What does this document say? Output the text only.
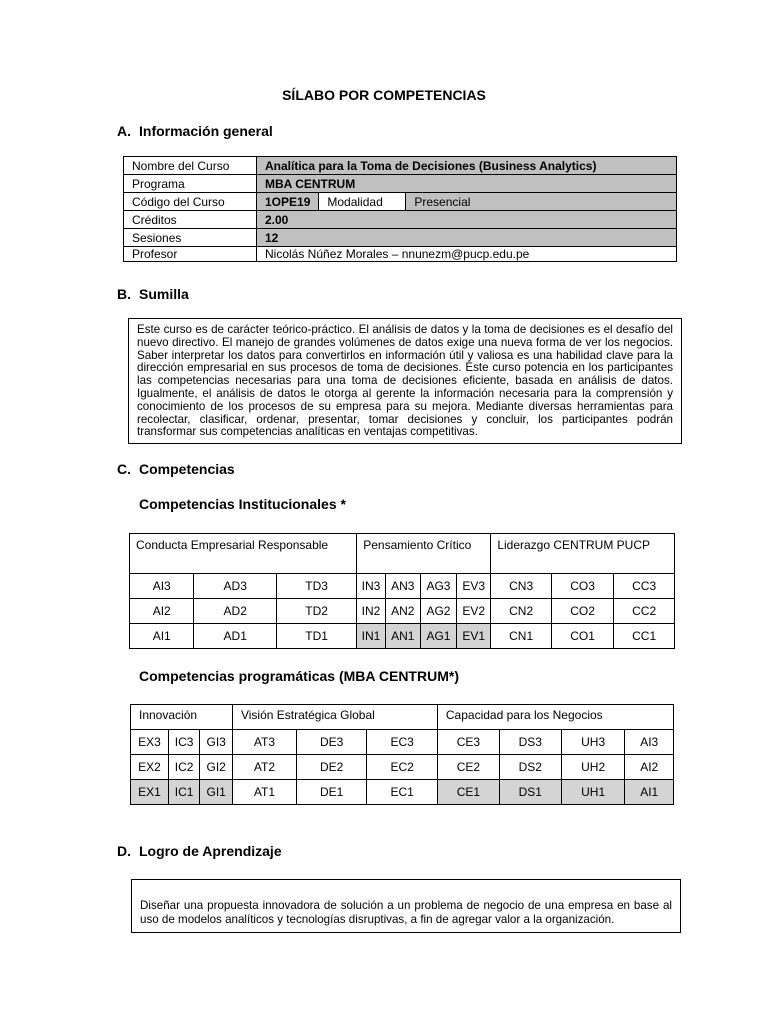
SÍLABO POR COMPETENCIAS
A. Información general
Nombre del Curso	Analítica para la Toma de Decisiones (Business Analytics)		
Programa	MBA CENTRUM		
Código del Curso	1OPE19	Modalidad	Presencial
Créditos	2.00		
Sesiones	12		
Profesor	Nicolás Núñez Morales – nnunezm@pucp.edu.pe		
B. Sumilla
Este curso es de carácter teórico-práctico. El análisis de datos y la toma de decisiones es el desafío del nuevo directivo. El manejo de grandes volúmenes de datos exige una nueva forma de ver los negocios. Saber interpretar los datos para convertirlos en información útil y valiosa es una habilidad clave para la dirección empresarial en sus procesos de toma de decisiones. Este curso potencia en los participantes las competencias necesarias para una toma de decisiones eficiente, basada en análisis de datos. Igualmente, el análisis de datos le otorga al gerente la información necesaria para la comprensión y conocimiento de los procesos de su empresa para su mejora. Mediante diversas herramientas para recolectar, clasificar, ordenar, presentar, tomar decisiones y concluir, los participantes podrán transformar sus competencias analíticas en ventajas competitivas.
C. Competencias
Competencias Institucionales *
Conducta Empresarial Responsable			Pensamiento Crítico				Liderazgo CENTRUM PUCP		
AI3	AD3	TD3	IN3	AN3	AG3	EV3	CN3	CO3	CC3
AI2	AD2	TD2	IN2	AN2	AG2	EV2	CN2	CO2	CC2
AI1	AD1	TD1	IN1	AN1	AG1	EV1	CN1	CO1	CC1
Competencias programáticas (MBA CENTRUM*)
Innovación			Visión Estratégica Global			Capacidad para los Negocios			
EX3	IC3	GI3	AT3	DE3	EC3	CE3	DS3	UH3	AI3
EX2	IC2	GI2	AT2	DE2	EC2	CE2	DS2	UH2	AI2
EX1	IC1	GI1	AT1	DE1	EC1	CE1	DS1	UH1	AI1
D. Logro de Aprendizaje
Diseñar una propuesta innovadora de solución a un problema de negocio de una empresa en base al uso de modelos analíticos y tecnologías disruptivas, a fin de agregar valor a la organización.
